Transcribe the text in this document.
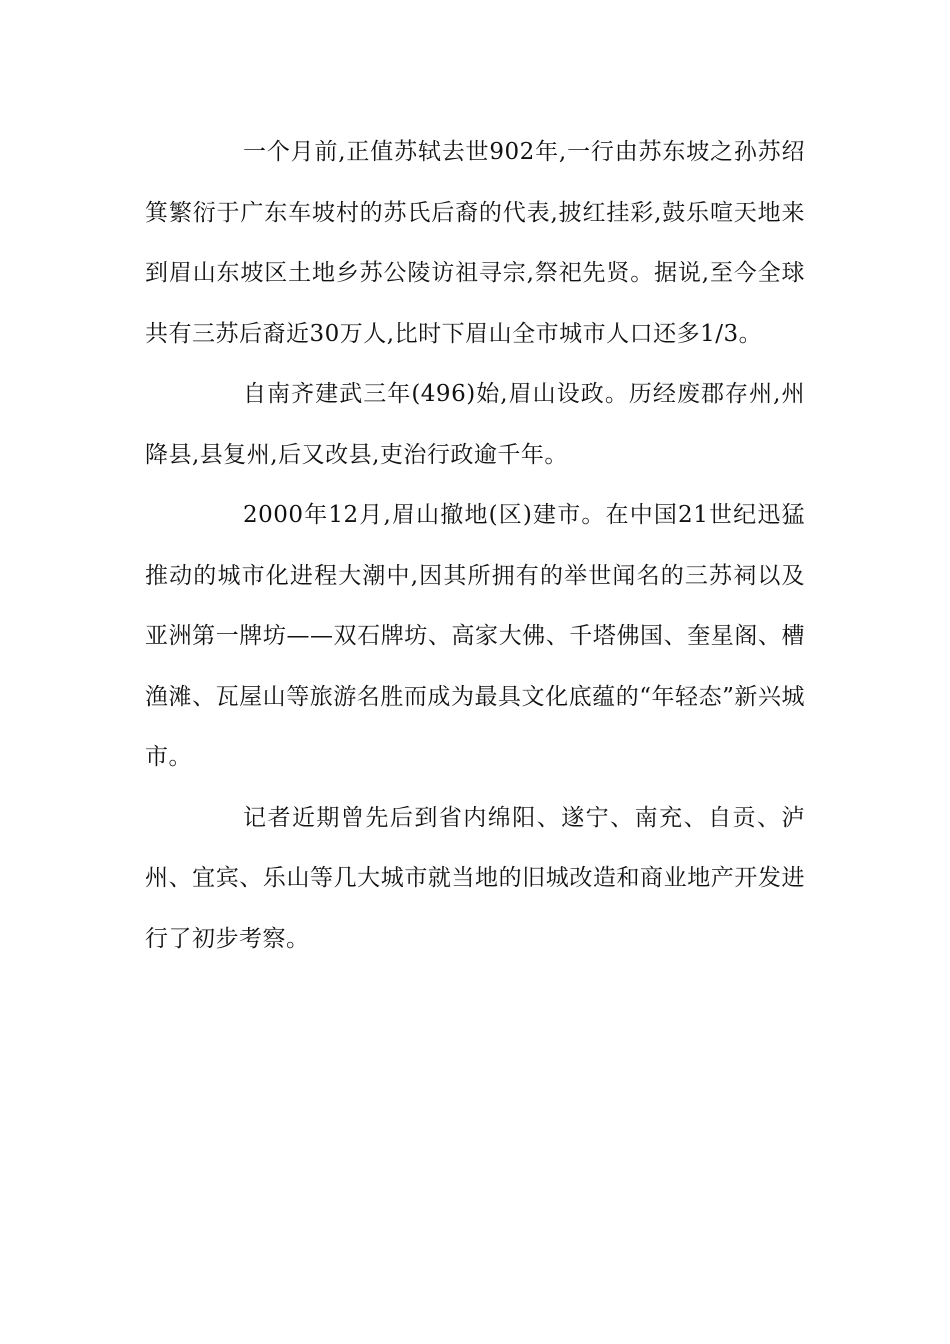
一个月前,正值苏轼去世902年,一行由苏东坡之孙苏绍箕繁衍于广东车坡村的苏氏后裔的代表,披红挂彩,鼓乐喧天地来到眉山东坡区土地乡苏公陵访祖寻宗,祭祀先贤。据说,至今全球共有三苏后裔近30万人,比时下眉山全市城市人口还多1/3。

自南齐建武三年(496)始,眉山设政。历经废郡存州,州降县,县复州,后又改县,吏治行政逾千年。

2000年12月,眉山撤地(区)建市。在中国21世纪迅猛推动的城市化进程大潮中,因其所拥有的举世闻名的三苏祠以及亚洲第一牌坊——双石牌坊、高家大佛、千塔佛国、奎星阁、槽渔滩、瓦屋山等旅游名胜而成为最具文化底蕴的“年轻态”新兴城市。

记者近期曾先后到省内绵阳、遂宁、南充、自贡、泸州、宜宾、乐山等几大城市就当地的旧城改造和商业地产开发进行了初步考察。
